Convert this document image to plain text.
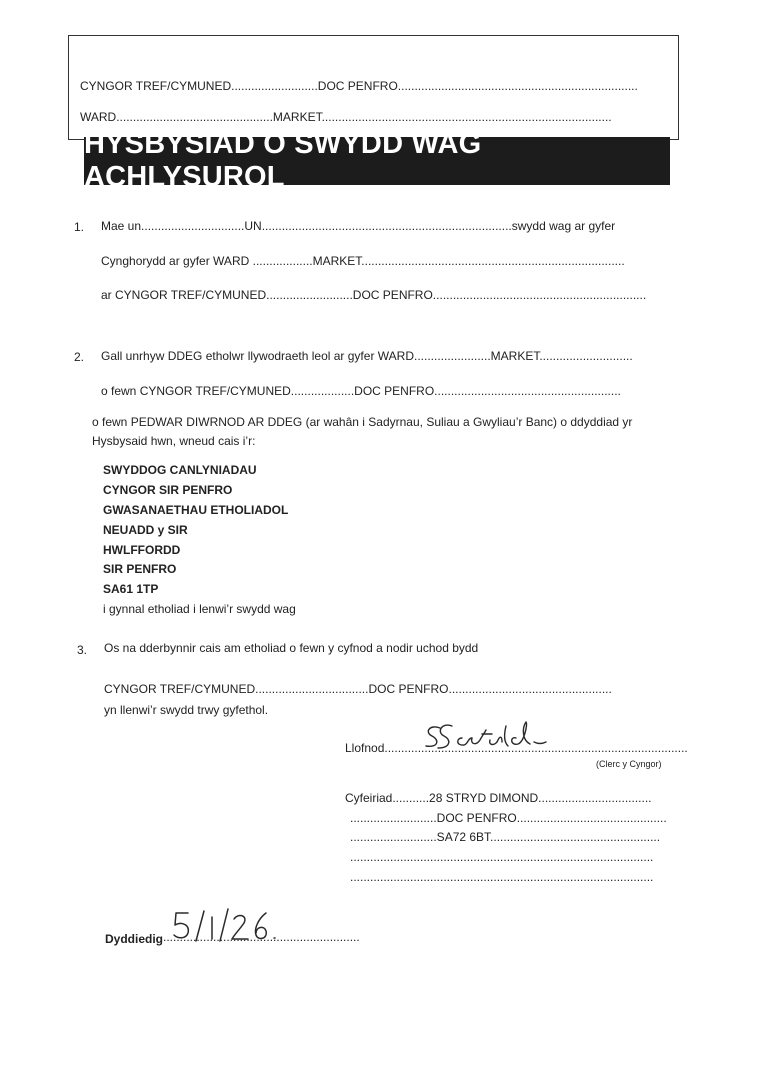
CYNGOR TREF/CYMUNED..........................DOC PENFRO........................................................................
WARD...............................................MARKET.......................................................................................
HYSBYSIAD O SWYDD WAG ACHLYSUROL
1. Mae un...............................UN...........................................................................swydd wag ar gyfer
Cynghorydd ar gyfer WARD ..................MARKET...............................................................................
ar CYNGOR TREF/CYMUNED..........................DOC PENFRO................................................................
2. Gall unrhyw DDEG etholwr llywodraeth leol ar gyfer WARD.......................MARKET............................
o fewn CYNGOR TREF/CYMUNED...................DOC PENFRO........................................................
o fewn PEDWAR DIWRNOD AR DDEG (ar wahân i Sadyrnau, Suliau a Gwyliau’r Banc) o ddyddiad yr
Hysbysaid hwn, wneud cais i’r:
SWYDDOG CANLYNIADAU
CYNGOR SIR PENFRO
GWASANAETHAU ETHOLIADOL
NEUADD y SIR
HWLFFORDD
SIR PENFRO
SA61 1TP
i gynnal etholiad i lenwi’r swydd wag
3. Os na dderbynnir cais am etholiad o fewn y cyfnod a nodir uchod bydd
CYNGOR TREF/CYMUNED..................................DOC PENFRO.................................................
yn llenwi’r swydd trwy gyfethol.
Llofnod...........................................................................................
(Clerc y Cyngor)
Cyfeiriad...........28 STRYD DIMOND..................................
..........................DOC PENFRO.............................................
..........................SA72 6BT...................................................
...........................................................................................
...........................................................................................
Dyddiedig ...........................................................
